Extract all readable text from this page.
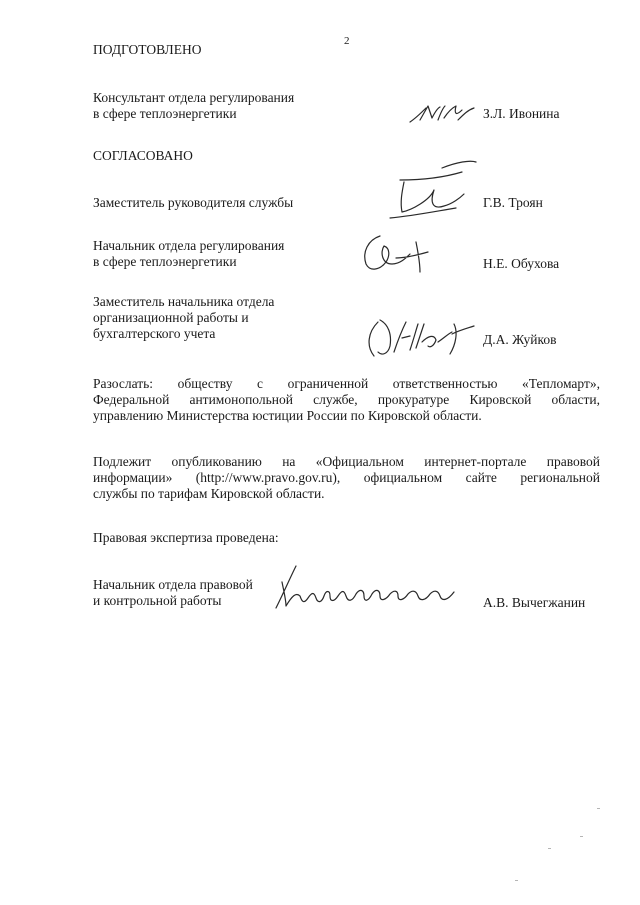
2
ПОДГОТОВЛЕНО
Консультант отдела регулирования
в сфере теплоэнергетики	З.Л. Ивонина
СОГЛАСОВАНО
Заместитель руководителя службы	Г.В. Троян
Начальник отдела регулирования
в сфере теплоэнергетики	Н.Е. Обухова
Заместитель начальника отдела
организационной работы и
бухгалтерского учета	Д.А. Жуйков
Разослать: обществу с ограниченной ответственностью «Тепломарт»,
Федеральной антимонопольной службе, прокуратуре Кировской области,
управлению Министерства юстиции России по Кировской области.
Подлежит опубликованию на «Официальном интернет-портале правовой
информации» (http://www.pravo.gov.ru), официальном сайте региональной
службы по тарифам Кировской области.
Правовая экспертиза проведена:
Начальник отдела правовой
и контрольной работы	А.В. Вычегжанин
